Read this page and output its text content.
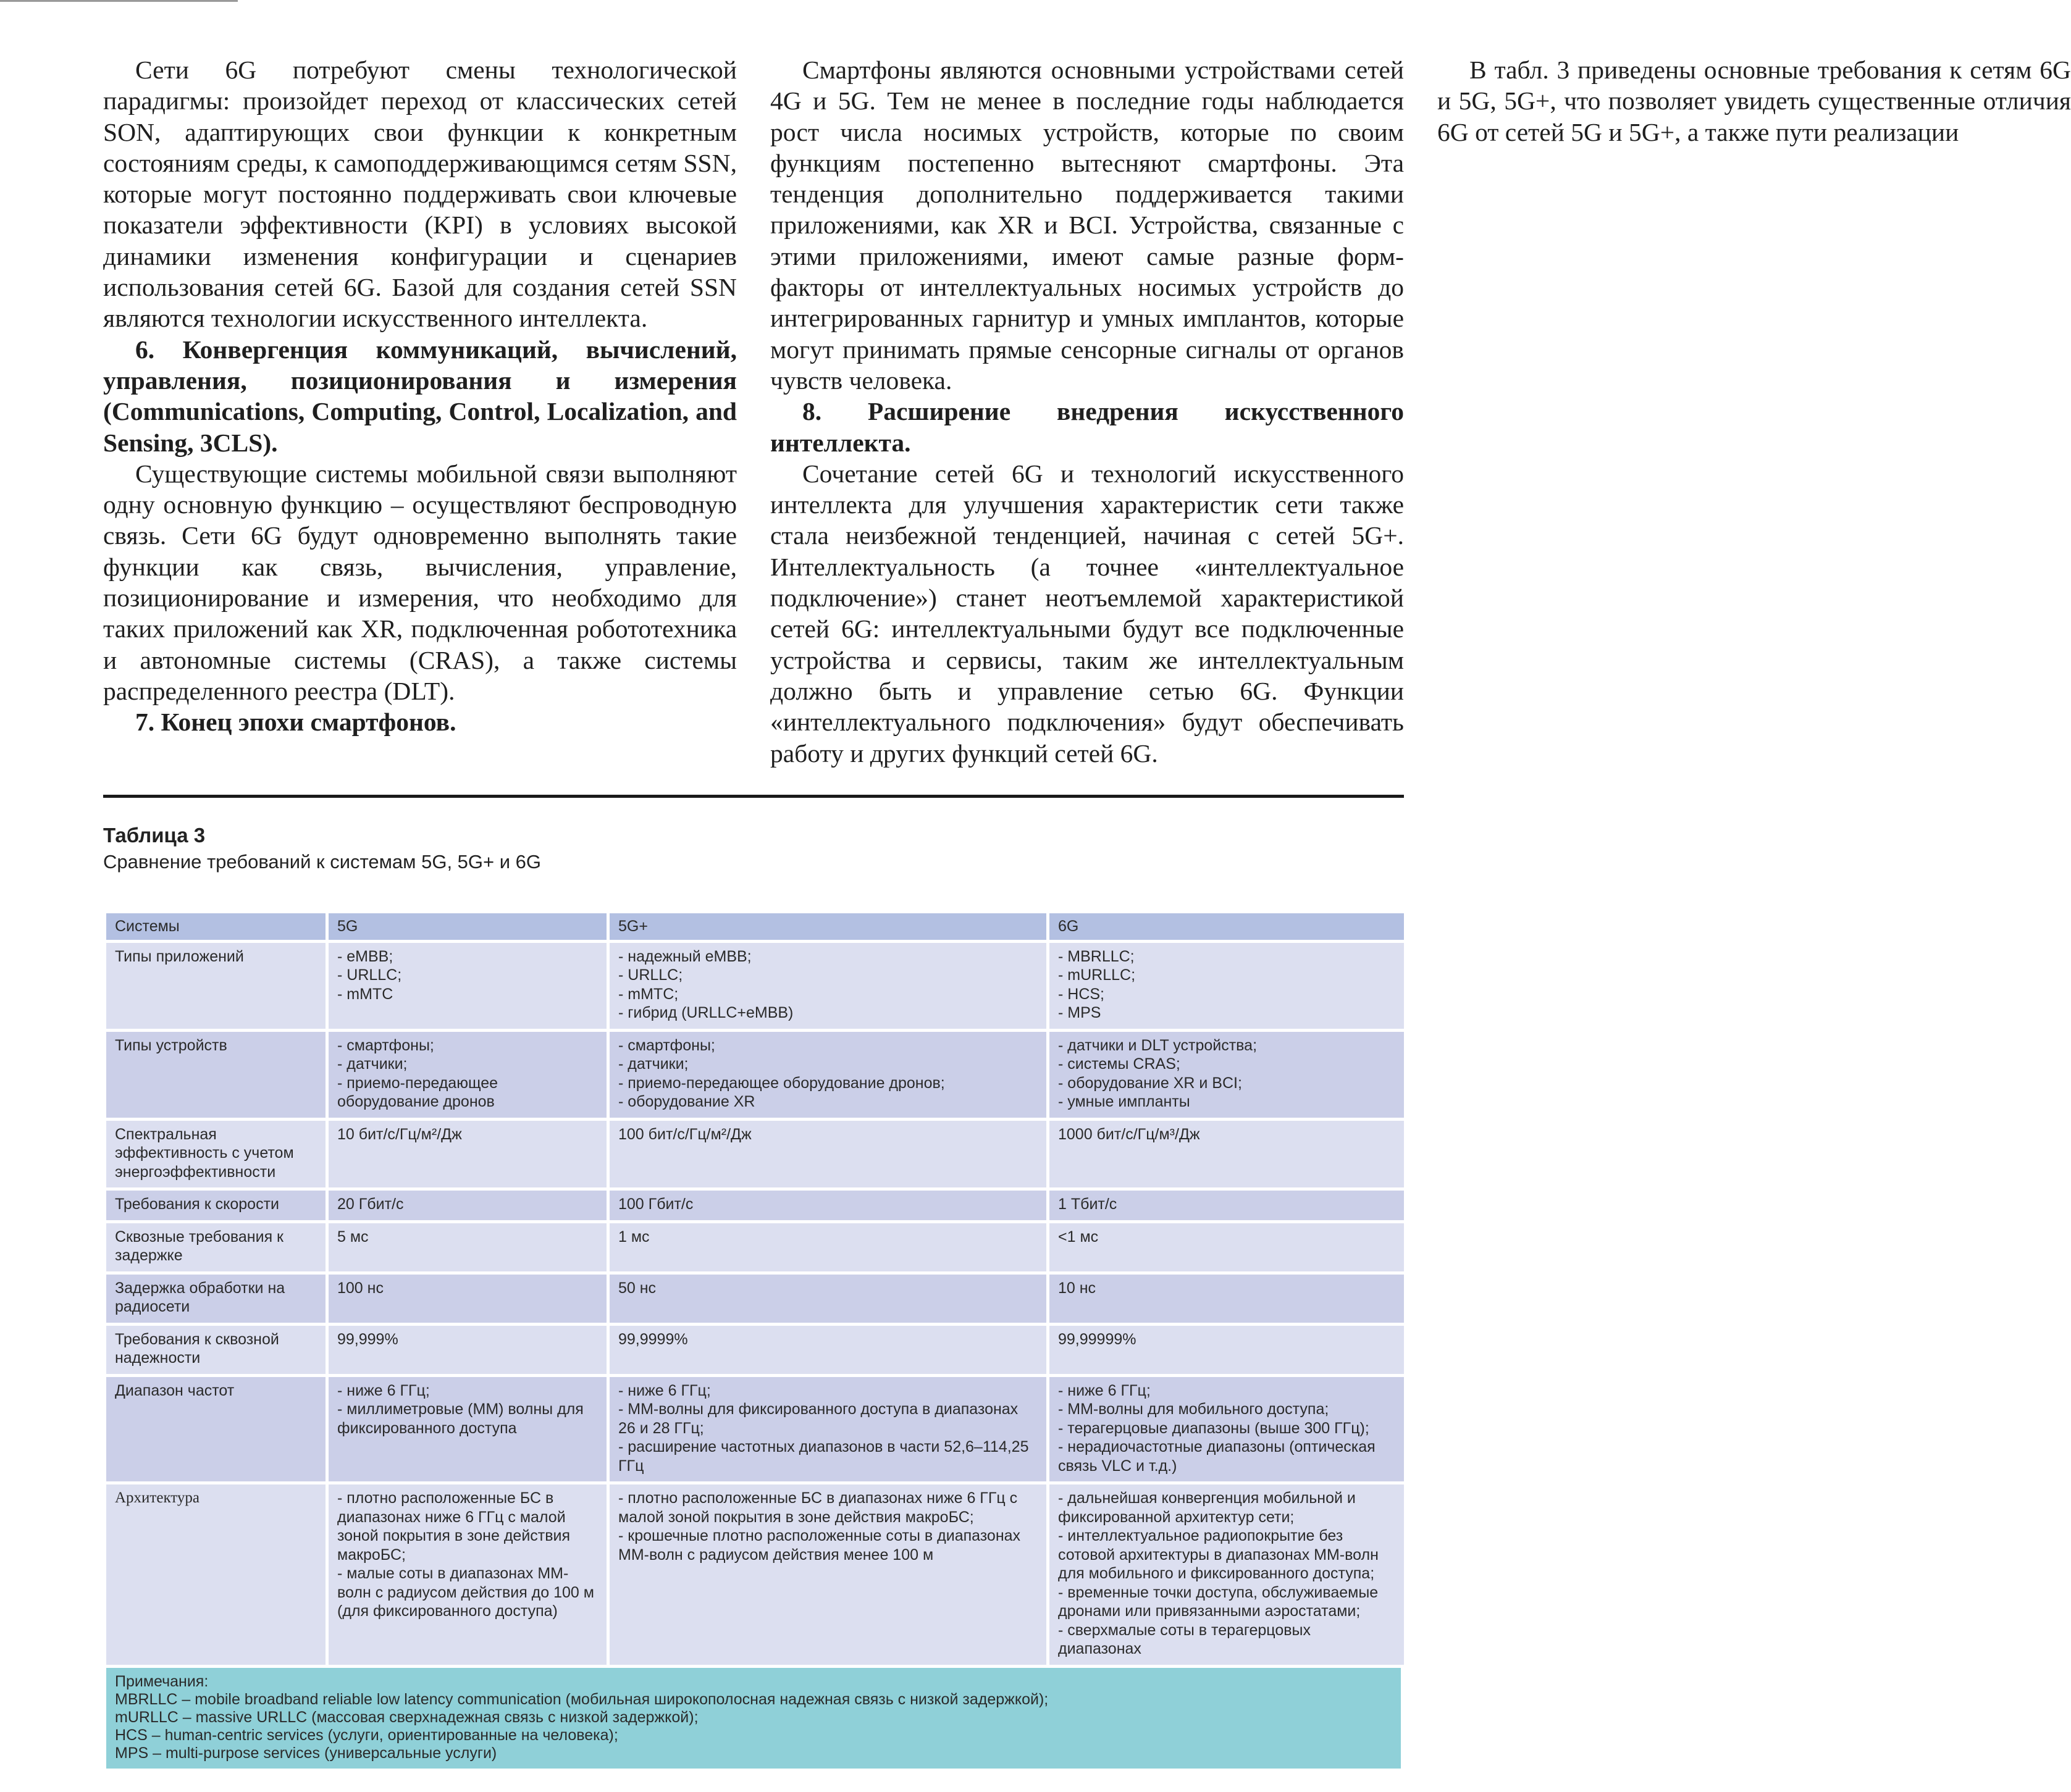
Сети 6G потребуют смены технологической парадигмы: произойдет переход от классических сетей SON, адаптирующих свои функции к конкретным состояниям среды, к самоподдерживающимся сетям SSN, которые могут постоянно поддерживать свои ключевые показатели эффективности (KPI) в условиях высокой динамики изменения конфигурации и сценариев использования сетей 6G. Базой для создания сетей SSN являются технологии искусственного интеллекта.

6. Конвергенция коммуникаций, вычислений, управления, позиционирования и измерения (Communications, Computing, Control, Localization, and Sensing, 3CLS).

Существующие системы мобильной связи выполняют одну основную функцию – осуществляют беспроводную связь. Сети 6G будут одновременно выполнять такие функции как связь, вычисления, управление, позиционирование и измерения, что необходимо для таких приложений как XR, подключенная робототехника и автономные системы (CRAS), а также системы распределенного реестра (DLT).

7. Конец эпохи смартфонов.

Смартфоны являются основными устройствами сетей 4G и 5G. Тем не менее в последние годы наблюдается рост числа носимых устройств, которые по своим функциям постепенно вытесняют смартфоны. Эта тенденция дополнительно поддерживается такими приложениями, как XR и BCI. Устройства, связанные с этими приложениями, имеют самые разные форм-факторы от интеллектуальных носимых устройств до интегрированных гарнитур и умных имплантов, которые могут принимать прямые сенсорные сигналы от органов чувств человека.

8. Расширение внедрения искусственного интеллекта.

Сочетание сетей 6G и технологий искусственного интеллекта для улучшения характеристик сети также стала неизбежной тенденцией, начиная с сетей 5G+. Интеллектуальность (а точнее «интеллектуальное подключение») станет неотъемлемой характеристикой сетей 6G: интеллектуальными будут все подключенные устройства и сервисы, таким же интеллектуальным должно быть и управление сетью 6G. Функции «интеллектуального подключения» будут обеспечивать работу и других функций сетей 6G.

В табл. 3 приведены основные требования к сетям 6G и 5G, 5G+, что позволяет увидеть существенные отличия 6G от сетей 5G и 5G+, а также пути реализации

Таблица 3
Сравнение требований к системам 5G, 5G+ и 6G
Системы	5G	5G+	6G
Типы приложений	- eMBB;
- URLLC;
- mMTC	- надежный eMBB;
- URLLC;
- mMTC;
- гибрид (URLLC+eMBB)	- MBRLLC;
- mURLLC;
- HCS;
- MPS
Типы устройств	- смартфоны;
- датчики;
- приемо-передающее оборудование дронов	- смартфоны;
- датчики;
- приемо-передающее оборудование дронов;
- оборудование XR	- датчики и DLT устройства;
- системы CRAS;
- оборудование XR и BCI;
- умные импланты
Спектральная эффективность с учетом энергоэффективности	10 бит/с/Гц/м²/Дж	100 бит/с/Гц/м²/Дж	1000 бит/с/Гц/м³/Дж
Требования к скорости	20 Гбит/с	100 Гбит/с	1 Тбит/с
Сквозные требования к задержке	5 мс	1 мс	<1 мс
Задержка обработки на радиосети	100 нс	50 нс	10 нс
Требования к сквозной надежности	99,999%	99,9999%	99,99999%
Диапазон частот	- ниже 6 ГГц;
- миллиметровые (ММ) волны для фиксированного доступа	- ниже 6 ГГц;
- ММ-волны для фиксированного доступа в диапазонах 26 и 28 ГГц;
- расширение частотных диапазонов в части 52,6–114,25 ГГц	- ниже 6 ГГц;
- ММ-волны для мобильного доступа;
- терагерцовые диапазоны (выше 300 ГГц);
- нерадиочастотные диапазоны (оптическая связь VLC и т.д.)
Архитектура	- плотно расположенные БС в диапазонах ниже 6 ГГц с малой зоной покрытия в зоне действия макроБС;
- малые соты в диапазонах ММ-волн с радиусом действия до 100 м (для фиксированного доступа)	- плотно расположенные БС в диапазонах ниже 6 ГГц с малой зоной покрытия в зоне действия макроБС;
- крошечные плотно расположенные соты в диапазонах ММ-волн с радиусом действия менее 100 м	- дальнейшая конвергенция мобильной и фиксированной архитектур сети;
- интеллектуальное радиопокрытие без сотовой архитектуры в диапазонах ММ-волн для мобильного и фиксированного доступа;
- временные точки доступа, обслуживаемые дронами или привязанными аэростатами;
- сверхмалые соты в терагерцовых диапазонах
Примечания:
MBRLLC – mobile broadband reliable low latency communication (мобильная широкополосная надежная связь с низкой задержкой);
mURLLC – massive URLLC (массовая сверхнадежная связь с низкой задержкой);
HCS – human-centric services (услуги, ориентированные на человека);
MPS – multi-purpose services (универсальные услуги)
